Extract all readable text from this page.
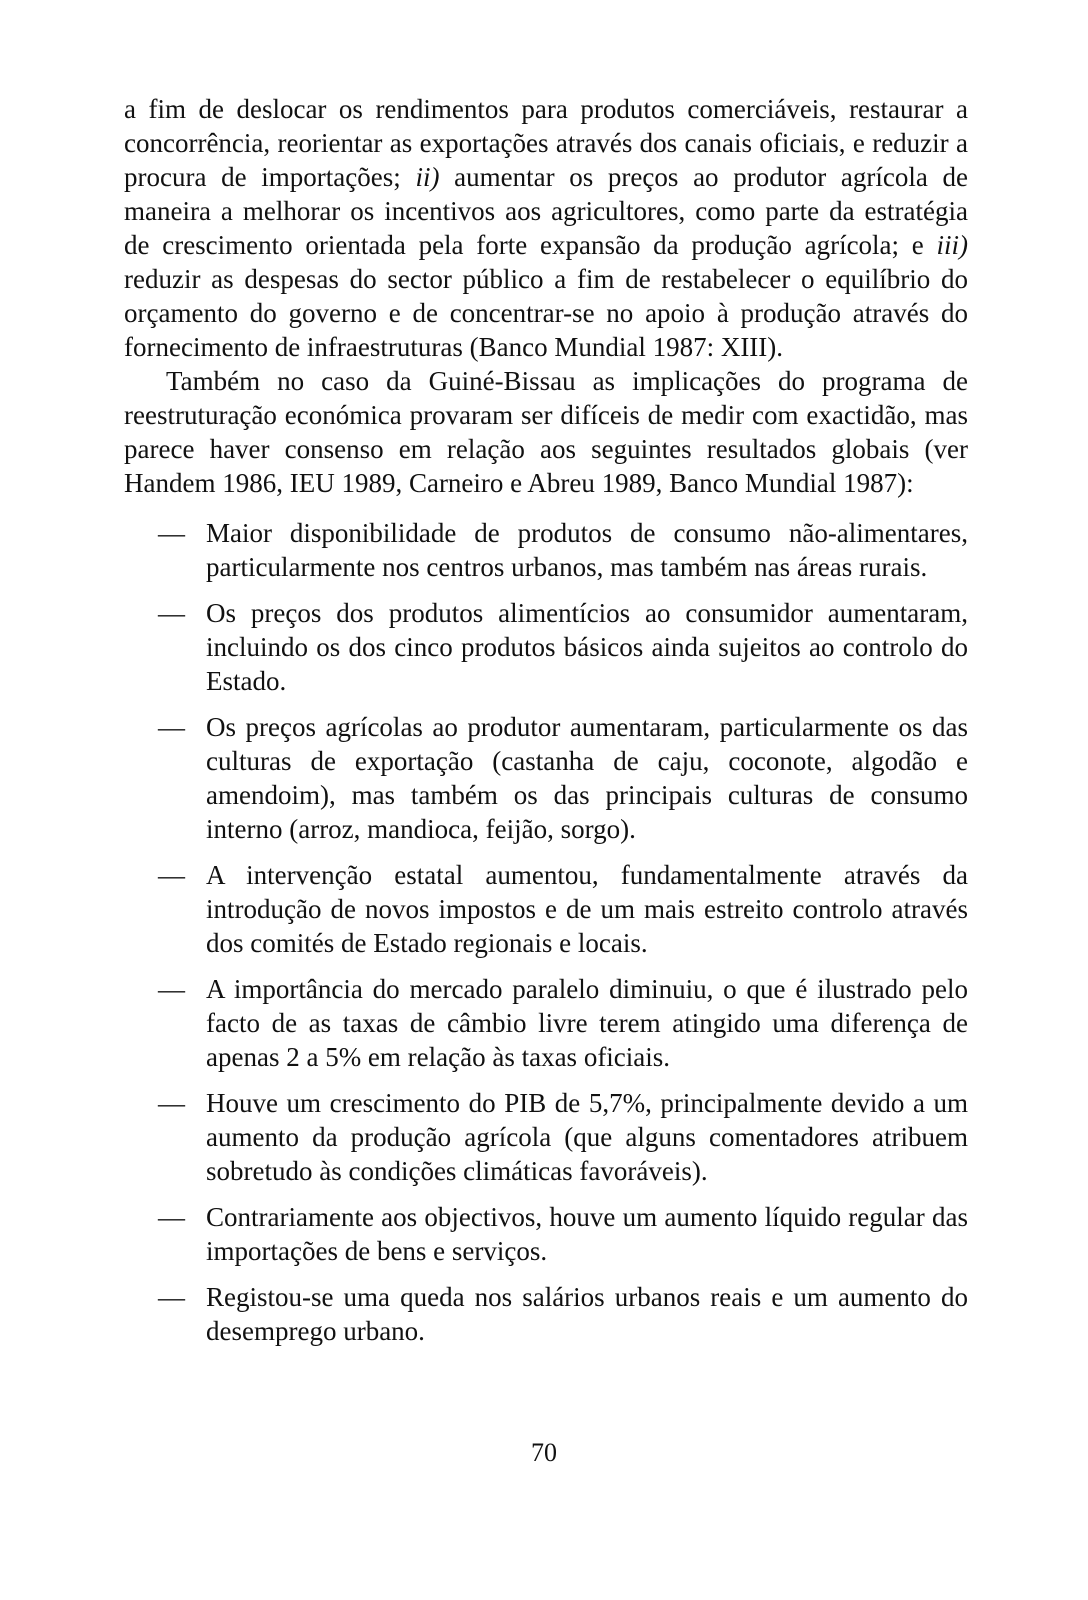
a fim de deslocar os rendimentos para produtos comerciáveis, restaurar a concorrência, reorientar as exportações através dos canais oficiais, e reduzir a procura de importações; ii) aumentar os preços ao produtor agrícola de maneira a melhorar os incentivos aos agricultores, como parte da estratégia de crescimento orientada pela forte expansão da produção agrícola; e iii) reduzir as despesas do sector público a fim de restabelecer o equilíbrio do orçamento do governo e de concentrar-se no apoio à produção através do fornecimento de infraestruturas (Banco Mundial 1987: XIII).

Também no caso da Guiné-Bissau as implicações do programa de reestruturação económica provaram ser difíceis de medir com exactidão, mas parece haver consenso em relação aos seguintes resultados globais (ver Handem 1986, IEU 1989, Carneiro e Abreu 1989, Banco Mundial 1987):

— Maior disponibilidade de produtos de consumo não-alimentares, particularmente nos centros urbanos, mas também nas áreas rurais.
— Os preços dos produtos alimentícios ao consumidor aumentaram, incluindo os dos cinco produtos básicos ainda sujeitos ao controlo do Estado.
— Os preços agrícolas ao produtor aumentaram, particularmente os das culturas de exportação (castanha de caju, coconote, algodão e amendoim), mas também os das principais culturas de consumo interno (arroz, mandioca, feijão, sorgo).
— A intervenção estatal aumentou, fundamentalmente através da introdução de novos impostos e de um mais estreito controlo através dos comités de Estado regionais e locais.
— A importância do mercado paralelo diminuiu, o que é ilustrado pelo facto de as taxas de câmbio livre terem atingido uma diferença de apenas 2 a 5% em relação às taxas oficiais.
— Houve um crescimento do PIB de 5,7%, principalmente devido a um aumento da produção agrícola (que alguns comentadores atribuem sobretudo às condições climáticas favoráveis).
— Contrariamente aos objectivos, houve um aumento líquido regular das importações de bens e serviços.
— Registou-se uma queda nos salários urbanos reais e um aumento do desemprego urbano.
70
